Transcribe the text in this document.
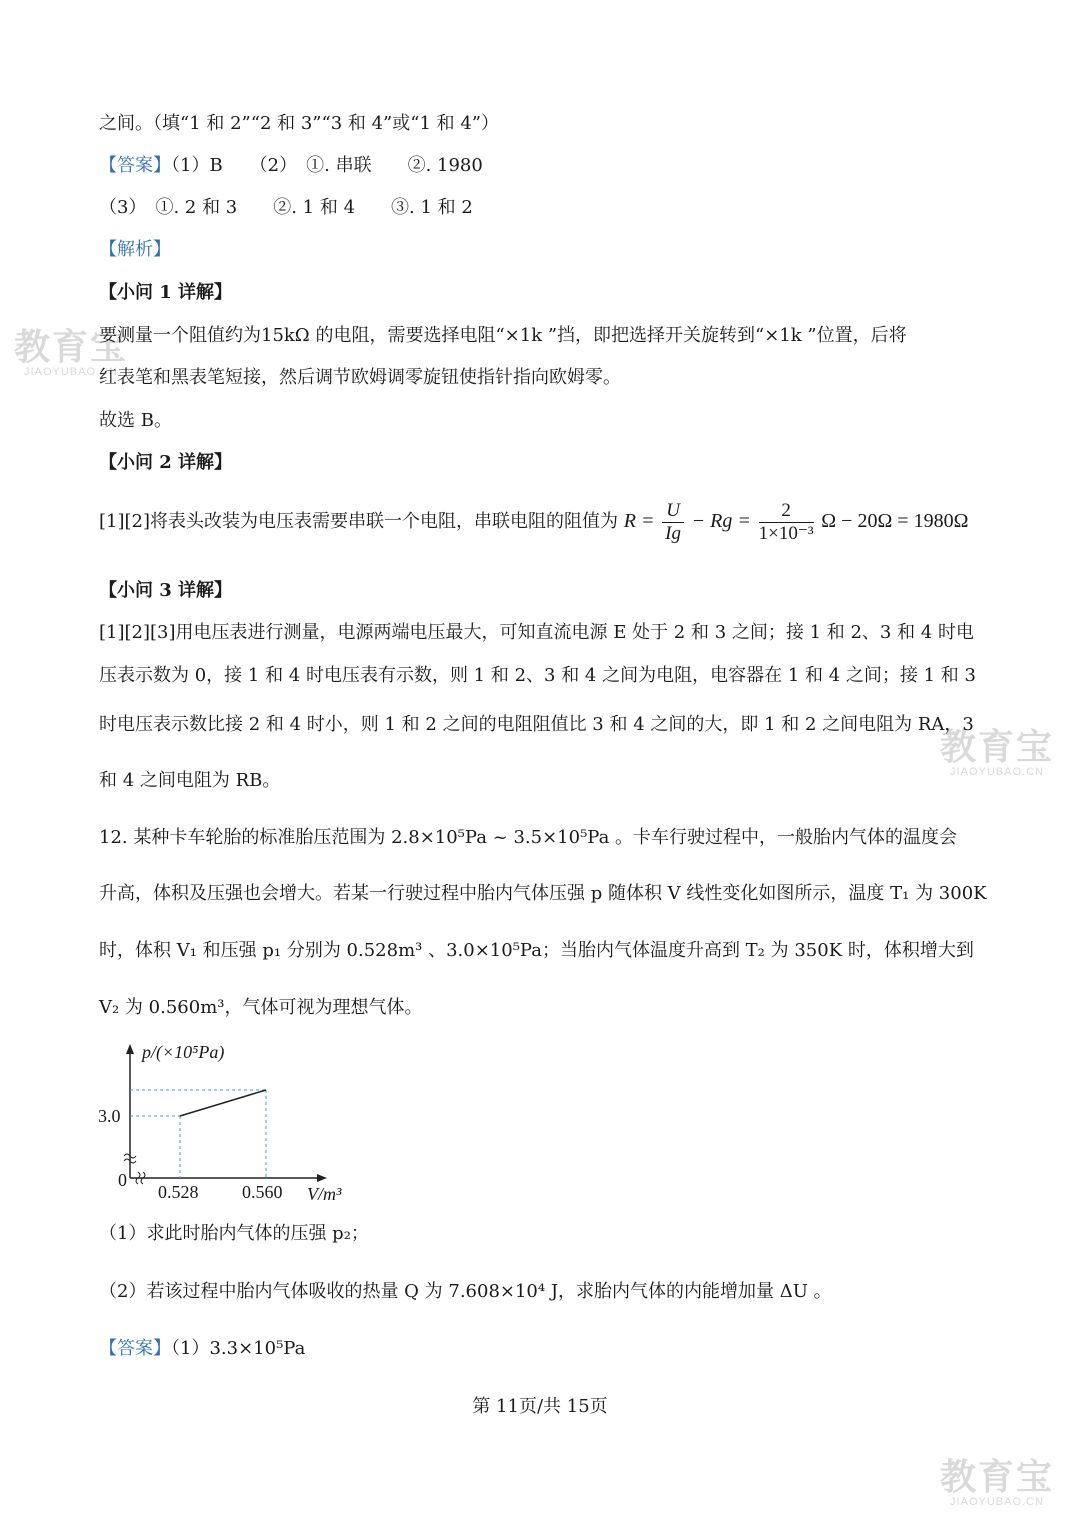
教育宝
JIAOYUBAO.CN
教育宝
JIAOYUBAO.CN
教育宝
JIAOYUBAO.CN
之间。（填“1 和 2”“2 和 3”“3 和 4”或“1 和 4”）
【答案】（1）B　　（2）　①. 串联　　②. 1980
（3）　①. 2 和 3　　②. 1 和 4　　③. 1 和 2
【解析】
【小问 1 详解】
要测量一个阻值约为15kΩ 的电阻，需要选择电阻“×1k ”挡，即把选择开关旋转到“×1k ”位置，后将
红表笔和黑表笔短接，然后调节欧姆调零旋钮使指针指向欧姆零。
故选 B。
【小问 2 详解】
[1][2]将表头改装为电压表需要串联一个电阻，串联电阻的阻值为 $R = \frac{U}{Ig} - Rg = \frac{2}{\text{1×10⁻³}}$ Ω − 20Ω = 1980Ω
【小问 3 详解】
[1][2][3]用电压表进行测量，电源两端电压最大，可知直流电源 E 处于 2 和 3 之间；接 1 和 2、3 和 4 时电
压表示数为 0，接 1 和 4 时电压表有示数，则 1 和 2、3 和 4 之间为电阻，电容器在 1 和 4 之间；接 1 和 3
时电压表示数比接 2 和 4 时小，则 1 和 2 之间的电阻阻值比 3 和 4 之间的大，即 1 和 2 之间电阻为 RA，3
和 4 之间电阻为 RB。
12. 某种卡车轮胎的标准胎压范围为 2.8×10⁵Pa ~ 3.5×10⁵Pa 。卡车行驶过程中，一般胎内气体的温度会
升高，体积及压强也会增大。若某一行驶过程中胎内气体压强 p 随体积 V 线性变化如图所示，温度 T₁ 为 300K
时，体积 V₁ 和压强 p₁ 分别为 0.528m³ 、3.0×10⁵Pa；当胎内气体温度升高到 T₂ 为 350K 时，体积增大到
V₂ 为 0.560m³，气体可视为理想气体。
p/(×10⁵Pa)
3.0
0
0.528 0.560 V/m³
（1）求此时胎内气体的压强 p₂；
（2）若该过程中胎内气体吸收的热量 Q 为 7.608×10⁴ J，求胎内气体的内能增加量 ΔU 。
【答案】（1）3.3×10⁵Pa
第 11页/共 15页
